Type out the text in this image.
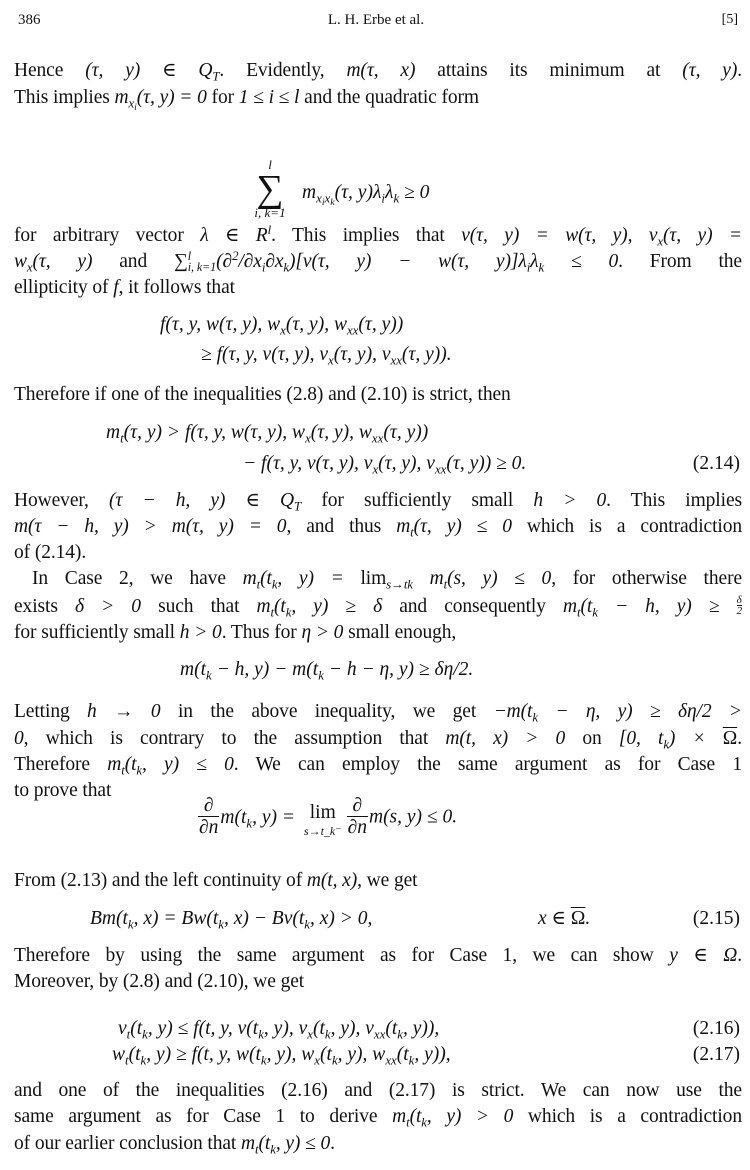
386	L. H. Erbe et al.	[5]
Hence (τ, y) ∈ $Q_T$. Evidently, m(τ, x) attains its minimum at (τ, y).
This implies $m_{xi}(\tau$, y) = 0 for 1 ≤ i ≤ l and the quadratic form
l
∑
i, k=1
$m_{xixk}(\tau$, $y)\lambda_i\lambda_k \ge 0$
for arbitrary vector λ ∈ $R^l$. This implies that v(τ, y) = w(τ, y), $v_x(\tau$, y) =
$w_x(\tau$, y) and ∑ l
i, k=1 $(\partial^2/\partial x_i\partial x_k)[v(\tau$, y) − w(τ, $y)]\lambda_i\lambda_k \le 0$. From the
ellipticity of f, it follows that
f(τ, y, w(τ, y), $w_x(\tau$, y), $w_{xx}(\tau$, y))
≥ f(τ, y, v(τ, y), $v_x(\tau$, y), $v_{xx}(\tau$, y)).
Therefore if one of the inequalities (2.8) and (2.10) is strict, then
$m_t(\tau$, y) > f(τ, y, w(τ, y), $w_x(\tau$, y), $w_{xx}(\tau$, y))
− f(τ, y, v(τ, y), $v_x(\tau$, y), $v_{xx}(\tau$, y)) ≥ 0.	(2.14)
However, (τ − h, y) ∈ $Q_T$ for sufficiently small h > 0. This implies
m(τ − h, y) > m(τ, y) = 0, and thus $m_t(\tau$, y) ≤ 0 which is a contradiction
of (2.14).
In Case 2, we have $m_t(t_k$, $y) = \lim_{s\to tk} m_t(s$, y) ≤ 0, for otherwise there
exists δ > 0 such that $m_t(t_k$, y) ≥ δ and consequently $m_t(t_k - h$, $y) \ge \frac{\delta}{2}$
for sufficiently small h > 0. Thus for η > 0 small enough,
$m(t_k - h$, $y) - m(t_k - h - \eta$, y) ≥ δη/2.
Letting h → 0 in the above inequality, we get $-m(t_k - \eta$, y) ≥ δη/2 >
0, which is contrary to the assumption that m(t, x) > 0 on [0, $t_k) \times \overline{\Omega}$.
Therefore $m_t(t_k$, y) ≤ 0. We can employ the same argument as for Case 1
to prove that
$\frac{\partial}{\partial n} m(t_k$, y) = lim
s→t_k⁻ $\frac{\partial}{\partial n} m(s$, y) ≤ 0.
From (2.13) and the left continuity of m(t, x), we get
$Bm(t_k$, $x) = Bw(t_k$, $x) - Bv(t_k$, x) > 0,	x ∈ $\overline{\Omega}$.	(2.15)
Therefore by using the same argument as for Case 1, we can show y ∈ Ω.
Moreover, by (2.8) and (2.10), we get
$v_t(t_k$, y) ≤ f(t, y, $v(t_k$, y), $v_x(t_k$, y), $v_{xx}(t_k$, y)),	(2.16)
$w_t(t_k$, y) ≥ f(t, y, $w(t_k$, y), $w_x(t_k$, y), $w_{xx}(t_k$, y)),	(2.17)
and one of the inequalities (2.16) and (2.17) is strict. We can now use the
same argument as for Case 1 to derive $m_t(t_k$, y) > 0 which is a contradiction
of our earlier conclusion that $m_t(t_k$, y) ≤ 0.
